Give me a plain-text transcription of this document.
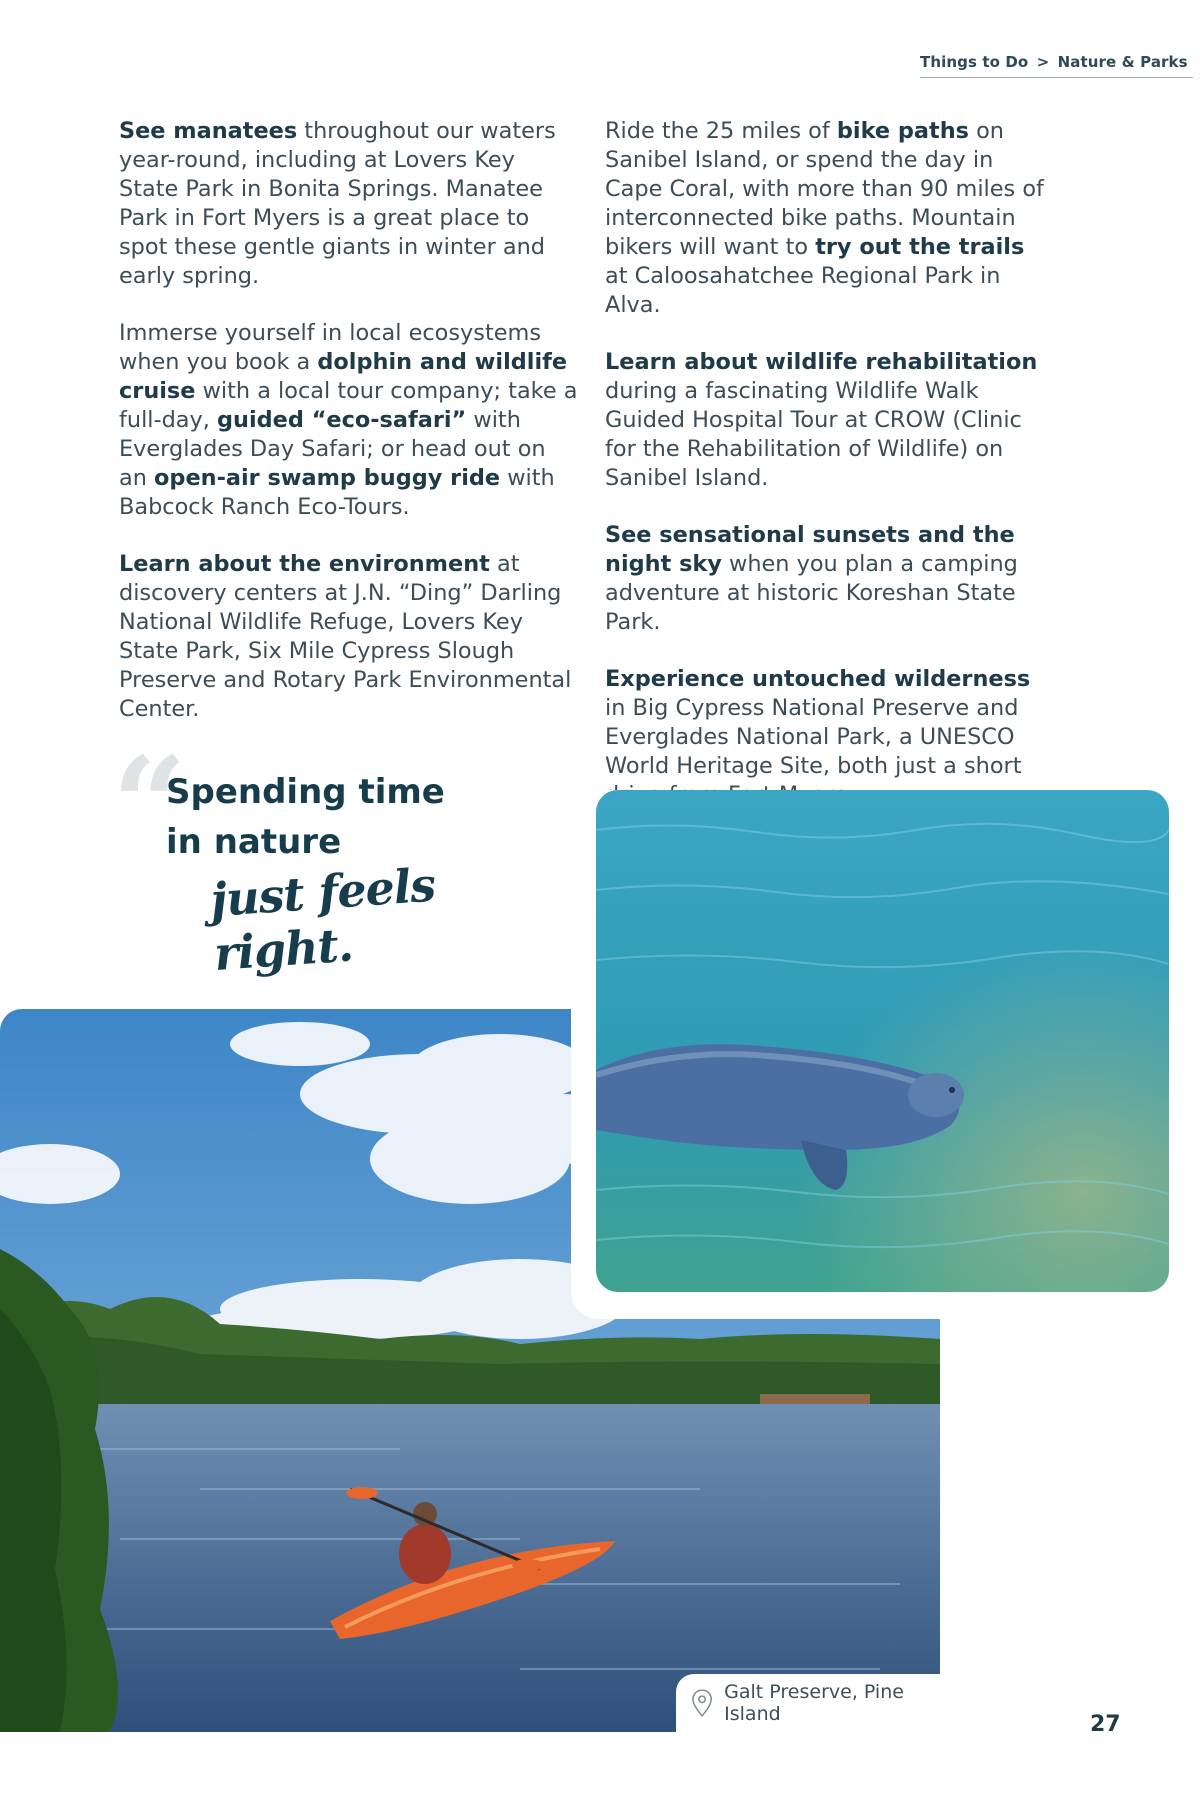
Things to Do > Nature & Parks

See manatees throughout our waters year-round, including at Lovers Key State Park in Bonita Springs. Manatee Park in Fort Myers is a great place to spot these gentle giants in winter and early spring.

Immerse yourself in local ecosystems when you book a dolphin and wildlife cruise with a local tour company; take a full-day, guided “eco-safari” with Everglades Day Safari; or head out on an open-air swamp buggy ride with Babcock Ranch Eco-Tours.

Learn about the environment at discovery centers at J.N. “Ding” Darling National Wildlife Refuge, Lovers Key State Park, Six Mile Cypress Slough Preserve and Rotary Park Environmental Center.

Ride the 25 miles of bike paths on Sanibel Island, or spend the day in Cape Coral, with more than 90 miles of interconnected bike paths. Mountain bikers will want to try out the trails at Caloosahatchee Regional Park in Alva.

Learn about wildlife rehabilitation during a fascinating Wildlife Walk Guided Hospital Tour at CROW (Clinic for the Rehabilitation of Wildlife) on Sanibel Island.

See sensational sunsets and the night sky when you plan a camping adventure at historic Koreshan State Park.

Experience untouched wilderness in Big Cypress National Preserve and Everglades National Park, a UNESCO World Heritage Site, both just a short

“
Spending time
in nature
just feels right.
Galt Preserve, Pine Island	27
